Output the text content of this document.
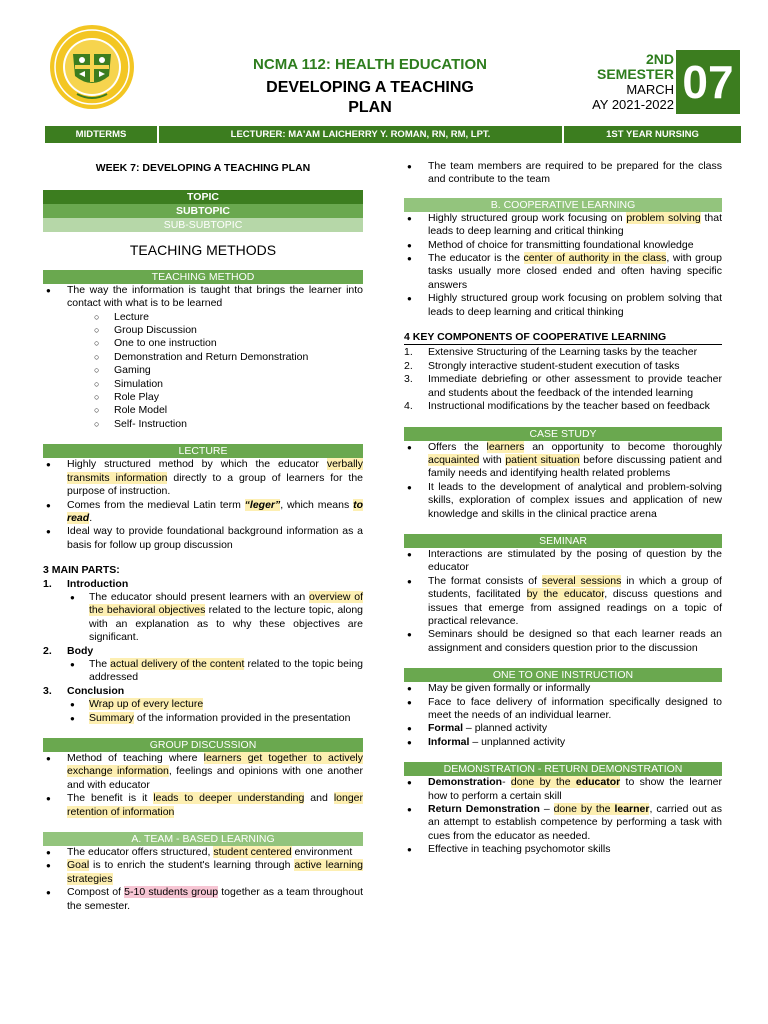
NCMA 112: HEALTH EDUCATION
DEVELOPING A TEACHING
PLAN
2ND
SEMESTER
MARCH
AY 2021-2022 07
MIDTERMS	LECTURER: MA'AM LAICHERRY Y. ROMAN, RN, RM, LPT.	1ST YEAR NURSING
WEEK 7: DEVELOPING A TEACHING PLAN
TOPIC
SUBTOPIC
SUB-SUBTOPIC
TEACHING METHODS
TEACHING METHOD
● The way the information is taught that brings the learner into contact with what is to be learned
○ Lecture
○ Group Discussion
○ One to one instruction
○ Demonstration and Return Demonstration
○ Gaming
○ Simulation
○ Role Play
○ Role Model
○ Self- Instruction
LECTURE
● Highly structured method by which the educator verbally transmits information directly to a group of learners for the purpose of instruction.
● Comes from the medieval Latin term “leger”, which means to read.
● Ideal way to provide foundational background information as a basis for follow up group discussion
3 MAIN PARTS:
1. Introduction
● The educator should present learners with an overview of the behavioral objectives related to the lecture topic, along with an explanation as to why these objectives are significant.
2. Body
● The actual delivery of the content related to the topic being addressed
3. Conclusion
● Wrap up of every lecture
● Summary of the information provided in the presentation
GROUP DISCUSSION
● Method of teaching where learners get together to actively exchange information, feelings and opinions with one another and with educator
● The benefit is it leads to deeper understanding and longer retention of information
A. TEAM - BASED LEARNING
● The educator offers structured, student centered environment
● Goal is to enrich the student's learning through active learning strategies
● Compost of 5-10 students group together as a team throughout the semester.
● The team members are required to be prepared for the class and contribute to the team
B. COOPERATIVE LEARNING
● Highly structured group work focusing on problem solving that leads to deep learning and critical thinking
● Method of choice for transmitting foundational knowledge
● The educator is the center of authority in the class, with group tasks usually more closed ended and often having specific answers
● Highly structured group work focusing on problem solving that leads to deep learning and critical thinking
4 KEY COMPONENTS OF COOPERATIVE LEARNING
1. Extensive Structuring of the Learning tasks by the teacher
2. Strongly interactive student-student execution of tasks
3. Immediate debriefing or other assessment to provide teacher and students about the feedback of the intended learning
4. Instructional modifications by the teacher based on feedback
CASE STUDY
● Offers the learners an opportunity to become thoroughly acquainted with patient situation before discussing patient and family needs and identifying health related problems
● It leads to the development of analytical and problem-solving skills, exploration of complex issues and application of new knowledge and skills in the clinical practice arena
SEMINAR
● Interactions are stimulated by the posing of question by the educator
● The format consists of several sessions in which a group of students, facilitated by the educator, discuss questions and issues that emerge from assigned readings on a topic of practical relevance.
● Seminars should be designed so that each learner reads an assignment and considers question prior to the discussion
ONE TO ONE INSTRUCTION
● May be given formally or informally
● Face to face delivery of information specifically designed to meet the needs of an individual learner.
● Formal – planned activity
● Informal – unplanned activity
DEMONSTRATION - RETURN DEMONSTRATION
● Demonstration- done by the educator to show the learner how to perform a certain skill
● Return Demonstration – done by the learner, carried out as an attempt to establish competence by performing a task with cues from the educator as needed.
● Effective in teaching psychomotor skills
